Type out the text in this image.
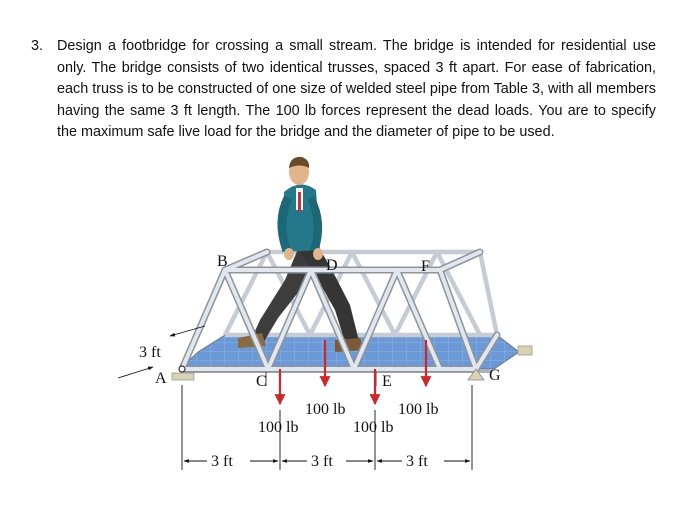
3. Design a footbridge for crossing a small stream. The bridge is intended for residential use only. The bridge consists of two identical trusses, spaced 3 ft apart. For ease of fabrication, each truss is to be constructed of one size of welded steel pipe from Table 3, with all members having the same 3 ft length. The 100 lb forces represent the dead loads. You are to specify the maximum safe live load for the bridge and the diameter of pipe to be used.
3 ft
A
B
C
D
E
F
G
100 lb	100 lb
100 lb	100 lb
3 ft	3 ft	3 ft
